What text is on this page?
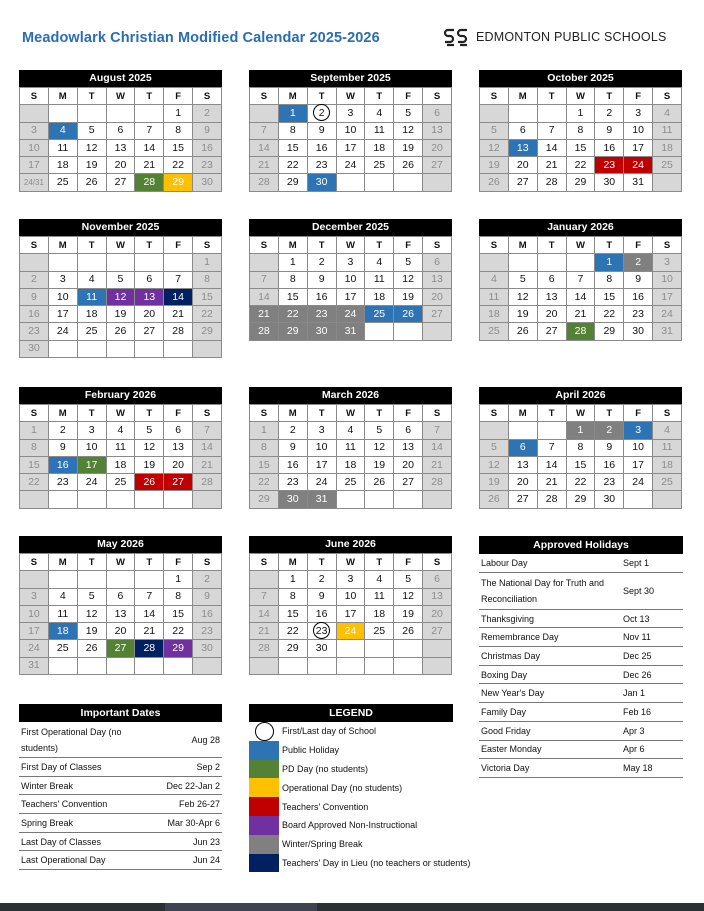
Meadowlark Christian Modified Calendar 2025-2026	EDMONTON PUBLIC SCHOOLS
August 2025
S	M	T	W	T	F	S
					1	2
3	4	5	6	7	8	9
10	11	12	13	14	15	16
17	18	19	20	21	22	23
24/31	25	26	27	28	29	30
September 2025
S	M	T	W	T	F	S
	1	2	3	4	5	6
7	8	9	10	11	12	13
14	15	16	17	18	19	20
21	22	23	24	25	26	27
28	29	30				
October 2025
S	M	T	W	T	F	S
			1	2	3	4
5	6	7	8	9	10	11
12	13	14	15	16	17	18
19	20	21	22	23	24	25
26	27	28	29	30	31	
November 2025
S	M	T	W	T	F	S
						1
2	3	4	5	6	7	8
9	10	11	12	13	14	15
16	17	18	19	20	21	22
23	24	25	26	27	28	29
30						
December 2025
S	M	T	W	T	F	S
	1	2	3	4	5	6
7	8	9	10	11	12	13
14	15	16	17	18	19	20
21	22	23	24	25	26	27
28	29	30	31			
January 2026
S	M	T	W	T	F	S
				1	2	3
4	5	6	7	8	9	10
11	12	13	14	15	16	17
18	19	20	21	22	23	24
25	26	27	28	29	30	31
February 2026
S	M	T	W	T	F	S
1	2	3	4	5	6	7
8	9	10	11	12	13	14
15	16	17	18	19	20	21
22	23	24	25	26	27	28

March 2026
S	M	T	W	T	F	S
1	2	3	4	5	6	7
8	9	10	11	12	13	14
15	16	17	18	19	20	21
22	23	24	25	26	27	28
29	30	31				
April 2026
S	M	T	W	T	F	S
			1	2	3	4
5	6	7	8	9	10	11
12	13	14	15	16	17	18
19	20	21	22	23	24	25
26	27	28	29	30		
May 2026
S	M	T	W	T	F	S
					1	2
3	4	5	6	7	8	9
10	11	12	13	14	15	16
17	18	19	20	21	22	23
24	25	26	27	28	29	30
31						
June 2026
S	M	T	W	T	F	S
	1	2	3	4	5	6
7	8	9	10	11	12	13
14	15	16	17	18	19	20
21	22	23	24	25	26	27
28	29	30				

Approved Holidays
Labour Day	Sept 1
The National Day for Truth and Reconciliation
Sept 30
Thanksgiving	Oct 13
Remembrance Day	Nov 11
Christmas Day	Dec 25
Boxing Day	Dec 26
New Year's Day	Jan 1
Family Day	Feb 16
Good Friday	Apr 3
Easter Monday	Apr 6
Victoria Day	May 18
Important Dates
First Operational Day (no students)
Aug 28
First Day of Classes	Sep 2
Winter Break	Dec 22-Jan 2
Teachers' Convention	Feb 26-27
Spring Break	Mar 30-Apr 6
Last Day of Classes	Jun 23
Last Operational Day	Jun 24
LEGEND
First/Last day of School
Public Holiday
PD Day (no students)
Operational Day (no students)
Teachers' Convention
Board Approved Non-Instructional
Winter/Spring Break
Teachers' Day in Lieu (no teachers or students)
